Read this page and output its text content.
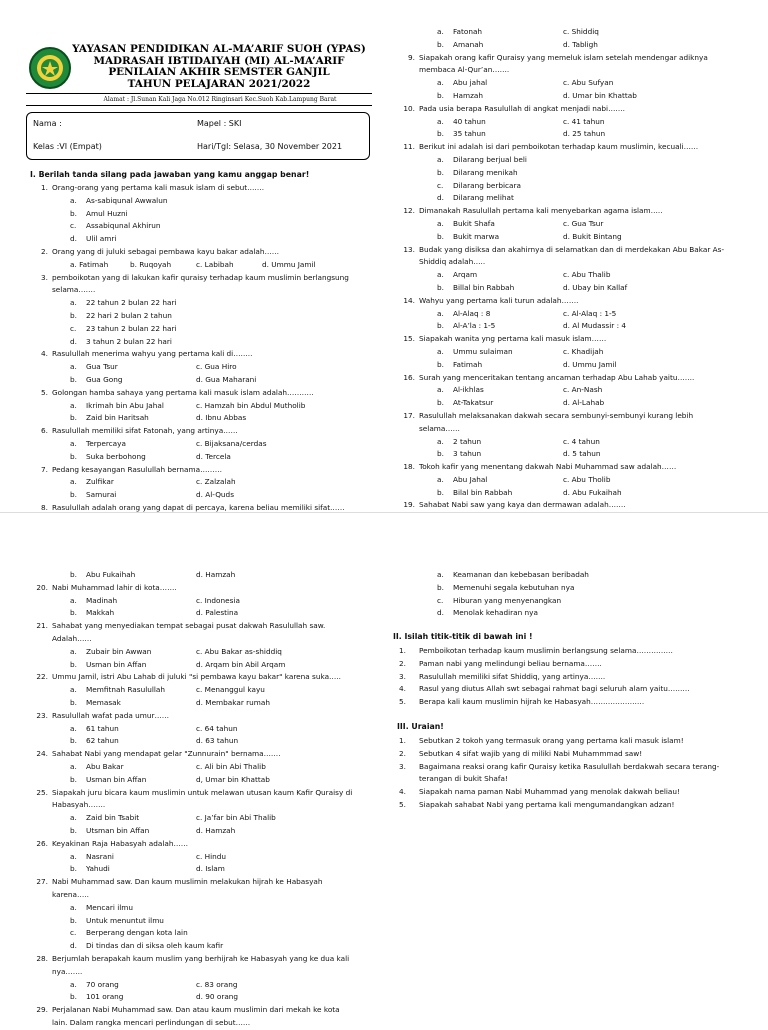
YAYASAN PENDIDIKAN AL-MA’ARIF SUOH (YPAS)
MADRASAH IBTIDAIYAH (MI) AL-MA’ARIF
PENILAIAN AKHIR SEMSTER GANJIL
TAHUN PELAJARAN 2021/2022
Alamat : Jl.Sunan Kali Jaga No.012 Ringinsari Kec.Suoh Kab.Lampung Barat
Nama :	Mapel : SKI
Kelas :VI (Empat)	Hari/Tgl: Selasa, 30 November 2021
I. Berilah tanda silang pada jawaban yang kamu anggap benar!
1. Orang-orang yang pertama kali masuk islam di sebut…….
a. As-sabiqunal Awwalun
b. Amul Huzni
c. Assabiqunal Akhirun
d. Ulil amri
2. Orang yang di juluki sebagai pembawa kayu bakar adalah……
a. Fatimah	b. Ruqoyah	c. Labibah	d. Ummu Jamil
3. pemboikotan yang di lakukan kafir quraisy terhadap kaum muslimin berlangsung
selama…….
a. 22 tahun 2 bulan 22 hari
b. 22 hari 2 bulan 2 tahun
c. 23 tahun 2 bulan 22 hari
d. 3 tahun 2 bulan 22 hari
4. Rasulullah menerima wahyu yang pertama kali di……..
a. Gua Tsur	c. Gua Hiro
b. Gua Gong	d. Gua Maharani
5. Golongan hamba sahaya yang pertama kali masuk islam adalah………..
a. Ikrimah bin Abu Jahal	c. Hamzah bin Abdul Mutholib
b. Zaid bin Haritsah	d. Ibnu Abbas
6. Rasulullah memiliki sifat Fatonah, yang artinya……
a. Terpercaya	c. Bijaksana/cerdas
b. Suka berbohong	d. Tercela
7. Pedang kesayangan Rasulullah bernama………
a. Zulfikar	c. Zalzalah
b. Samurai	d. Al-Quds
8. Rasulullah adalah orang yang dapat di percaya, karena beliau memiliki sifat……
a. Fatonah	c. Shiddiq
b. Amanah	d. Tabligh
9. Siapakah orang kafir Quraisy yang memeluk islam setelah mendengar adiknya
membaca Al-Qur’an…….
a. Abu jahal	c. Abu Sufyan
b. Hamzah	d. Umar bin Khattab
10. Pada usia berapa Rasulullah di angkat menjadi nabi…….
a. 40 tahun	c. 41 tahun
b. 35 tahun	d. 25 tahun
11. Berikut ini adalah isi dari pemboikotan terhadap kaum muslimin, kecuali……
a. Dilarang berjual beli
b. Dilarang menikah
c. Dilarang berbicara
d. Dilarang melihat
12. Dimanakah Rasulullah pertama kali menyebarkan agama islam…..
a. Bukit Shafa	c. Gua Tsur
b. Bukit marwa	d. Bukit Bintang
13. Budak yang disiksa dan akahirnya di selamatkan dan di merdekakan Abu Bakar As-
Shiddiq adalah…..
a. Arqam	c. Abu Thalib
b. Billal bin Rabbah	d. Ubay bin Kallaf
14. Wahyu yang pertama kali turun adalah…….
a. Al-Alaq : 8	c. Al-Alaq : 1-5
b. Al-A’la : 1-5	d. Al Mudassir : 4
15. Siapakah wanita yng pertama kali masuk islam……
a. Ummu sulaiman	c. Khadijah
b. Fatimah	d. Ummu Jamil
16. Surah yang menceritakan tentang ancaman terhadap Abu Lahab yaitu…….
a. Al-ikhlas	c. An-Nash
b. At-Takatsur	d. Al-Lahab
17. Rasulullah melaksanakan dakwah secara sembunyi-sembunyi kurang lebih
selama……
a. 2 tahun	c. 4 tahun
b. 3 tahun	d. 5 tahun
18. Tokoh kafir yang menentang dakwah Nabi Muhammad saw adalah……
a. Abu Jahal	c. Abu Tholib
b. Bilal bin Rabbah	d. Abu Fukaihah
19. Sahabat Nabi saw yang kaya dan dermawan adalah…….
b. Abu Fukaihah	d. Hamzah
20. Nabi Muhammad lahir di kota…….
a. Madinah	c. Indonesia
b. Makkah	d. Palestina
21. Sahabat yang menyediakan tempat sebagai pusat dakwah Rasulullah saw.
Adalah……
a. Zubair bin Awwan	c. Abu Bakar as-shiddiq
b. Usman bin Affan	d. Arqam bin Abil Arqam
22. Ummu Jamil, istri Abu Lahab di juluki "si pembawa kayu bakar" karena suka…..
a. Memfitnah Rasulullah	c. Menanggul kayu
b. Memasak	d. Membakar rumah
23. Rasulullah wafat pada umur……
a. 61 tahun	c. 64 tahun
b. 62 tahun	d. 63 tahun
24. Sahabat Nabi yang mendapat gelar "Zunnurain" bernama…….
a. Abu Bakar	c. Ali bin Abi Thalib
b. Usman bin Affan	d, Umar bin Khattab
25. Siapakah juru bicara kaum muslimin untuk melawan utusan kaum Kafir Quraisy di
Habasyah…….
a. Zaid bin Tsabit	c. Ja’far bin Abi Thalib
b. Utsman bin Affan	d. Hamzah
26. Keyakinan Raja Habasyah adalah……
a. Nasrani	c. Hindu
b. Yahudi	d. Islam
27. Nabi Muhammad saw. Dan kaum muslimin melakukan hijrah ke Habasyah
karena…..
a. Mencari ilmu
b. Untuk menuntut ilmu
c. Berperang dengan kota lain
d. Di tindas dan di siksa oleh kaum kafir
28. Berjumlah berapakah kaum muslim yang berhijrah ke Habasyah yang ke dua kali
nya…….
a. 70 orang	c. 83 orang
b. 101 orang	d. 90 orang
29. Perjalanan Nabi Muhammad saw. Dan atau kaum muslimin dari mekah ke kota
lain. Dalam rangka mencari perlindungan di sebut……
a. Keamanan dan kebebasan beribadah
b. Memenuhi segala kebutuhan nya
c. Hiburan yang menyenangkan
d. Menolak kehadiran nya
II. Isilah titik-titik di bawah ini !
1. Pemboikotan terhadap kaum muslimin berlangsung selama……………
2. Paman nabi yang melindungi beliau bernama…….
3. Rasulullah memiliki sifat Shiddiq, yang artinya…….
4. Rasul yang diutus Allah swt sebagai rahmat bagi seluruh alam yaitu………
5. Berapa kali kaum muslimin hijrah ke Habasyah………………….
III. Uraian!
1. Sebutkan 2 tokoh yang termasuk orang yang pertama kali masuk islam!
2. Sebutkan 4 sifat wajib yang di miliki Nabi Muhammmad saw!
3. Bagaimana reaksi orang kafir Quraisy ketika Rasulullah berdakwah secara terang-
terangan di bukit Shafa!
4. Siapakah nama paman Nabi Muhammad yang menolak dakwah beliau!
5. Siapakah sahabat Nabi yang pertama kali mengumandangkan adzan!
